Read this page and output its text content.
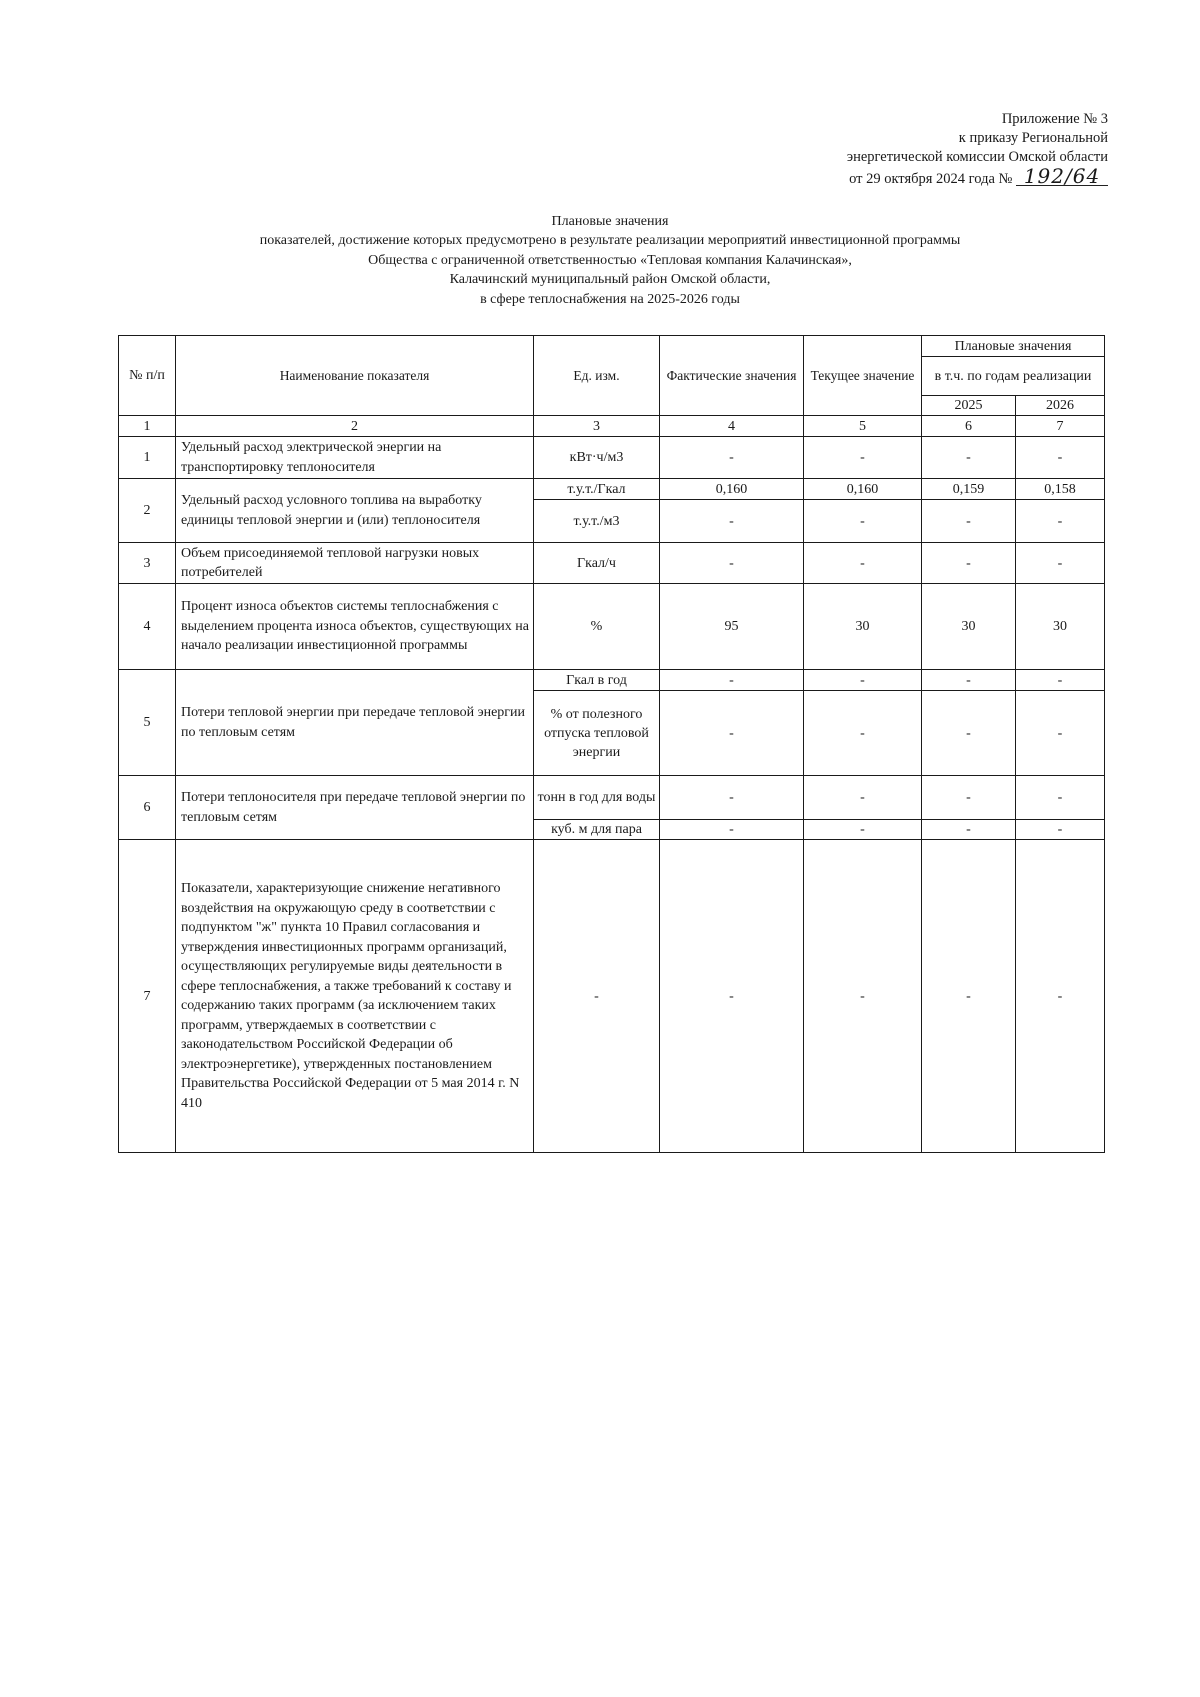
Приложение № 3
к приказу Региональной
энергетической комиссии Омской области
от 29 октября 2024 года № 192/64
Плановые значения
показателей, достижение которых предусмотрено в результате реализации мероприятий инвестиционной программы
Общества с ограниченной ответственностью «Тепловая компания Калачинская»,
Калачинский муниципальный район Омской области,
в сфере теплоснабжения на 2025-2026 годы
№ п/п	Наименование показателя	Ед. изм.	Фактические значения	Текущее значение	Плановые значения	
					в т.ч. по годам реализации	

					2025	2026
1	2	3	4	5	6	7
1	Удельный расход электрической энергии на транспортировку теплоносителя	кВт·ч/м3	-	-	-	-
2	Удельный расход условного топлива на выработку единицы тепловой энергии и (или) теплоносителя	т.у.т./Гкал	0,160	0,160	0,159	0,158
		т.у.т./м3	-	-	-	-
3	Объем присоединяемой тепловой нагрузки новых потребителей	Гкал/ч	-	-	-	-
4	Процент износа объектов системы теплоснабжения с выделением процента износа объектов, существующих на начало реализации инвестиционной программы	%	95	30	30	30
5	Потери тепловой энергии при передаче тепловой энергии по тепловым сетям	Гкал в год	-	-	-	-
		% от полезного отпуска тепловой энергии	-	-	-	-
6	Потери теплоносителя при передаче тепловой энергии по тепловым сетям	тонн в год для воды	-	-	-	-
		куб. м для пара	-	-	-	-
7	Показатели, характеризующие снижение негативного воздействия на окружающую среду в соответствии с подпунктом "ж" пункта 10 Правил согласования и утверждения инвестиционных программ организаций, осуществляющих регулируемые виды деятельности в сфере теплоснабжения, а также требований к составу и содержанию таких программ (за исключением таких программ, утверждаемых в соответствии с законодательством Российской Федерации об электроэнергетике), утвержденных постановлением Правительства Российской Федерации от 5 мая 2014 г. N 410	-	-	-	-	-
